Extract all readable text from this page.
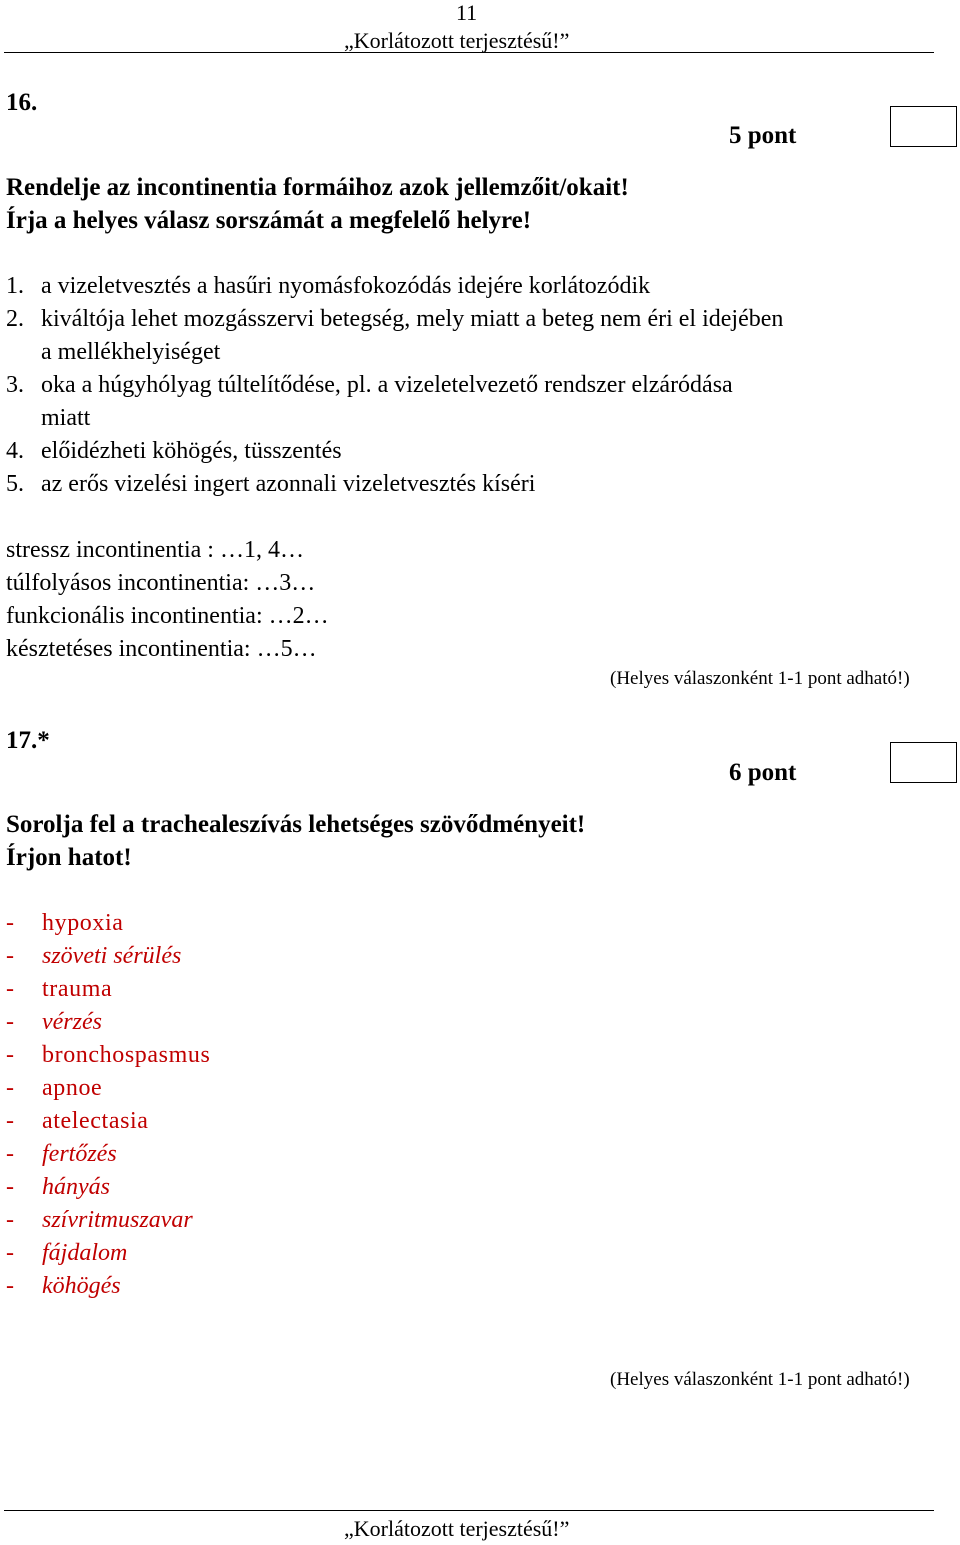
11
„Korlátozott terjesztésű!”
16.
5 pont
Rendelje az incontinentia formáihoz azok jellemzőit/okait!
Írja a helyes válasz sorszámát a megfelelő helyre!
1. a vizeletvesztés a hasűri nyomásfokozódás idejére korlátozódik
2. kiváltója lehet mozgásszervi betegség, mely miatt a beteg nem éri el idejében
a mellékhelyiséget
3. oka a húgyhólyag túltelítődése, pl. a vizeletelvezető rendszer elzáródása
miatt
4. előidézheti köhögés, tüsszentés
5. az erős vizelési ingert azonnali vizeletvesztés kíséri
stressz incontinentia : …1, 4…
túlfolyásos incontinentia: …3…
funkcionális incontinentia: …2…
késztetéses incontinentia: …5…
(Helyes válaszonként 1-1 pont adható!)
17.*
6 pont
Sorolja fel a trachealeszívás lehetséges szövődményeit!
Írjon hatot!
- hypoxia
- szöveti sérülés
- trauma
- vérzés
- bronchospasmus
- apnoe
- atelectasia
- fertőzés
- hányás
- szívritmuszavar
- fájdalom
- köhögés
(Helyes válaszonként 1-1 pont adható!)
„Korlátozott terjesztésű!”
